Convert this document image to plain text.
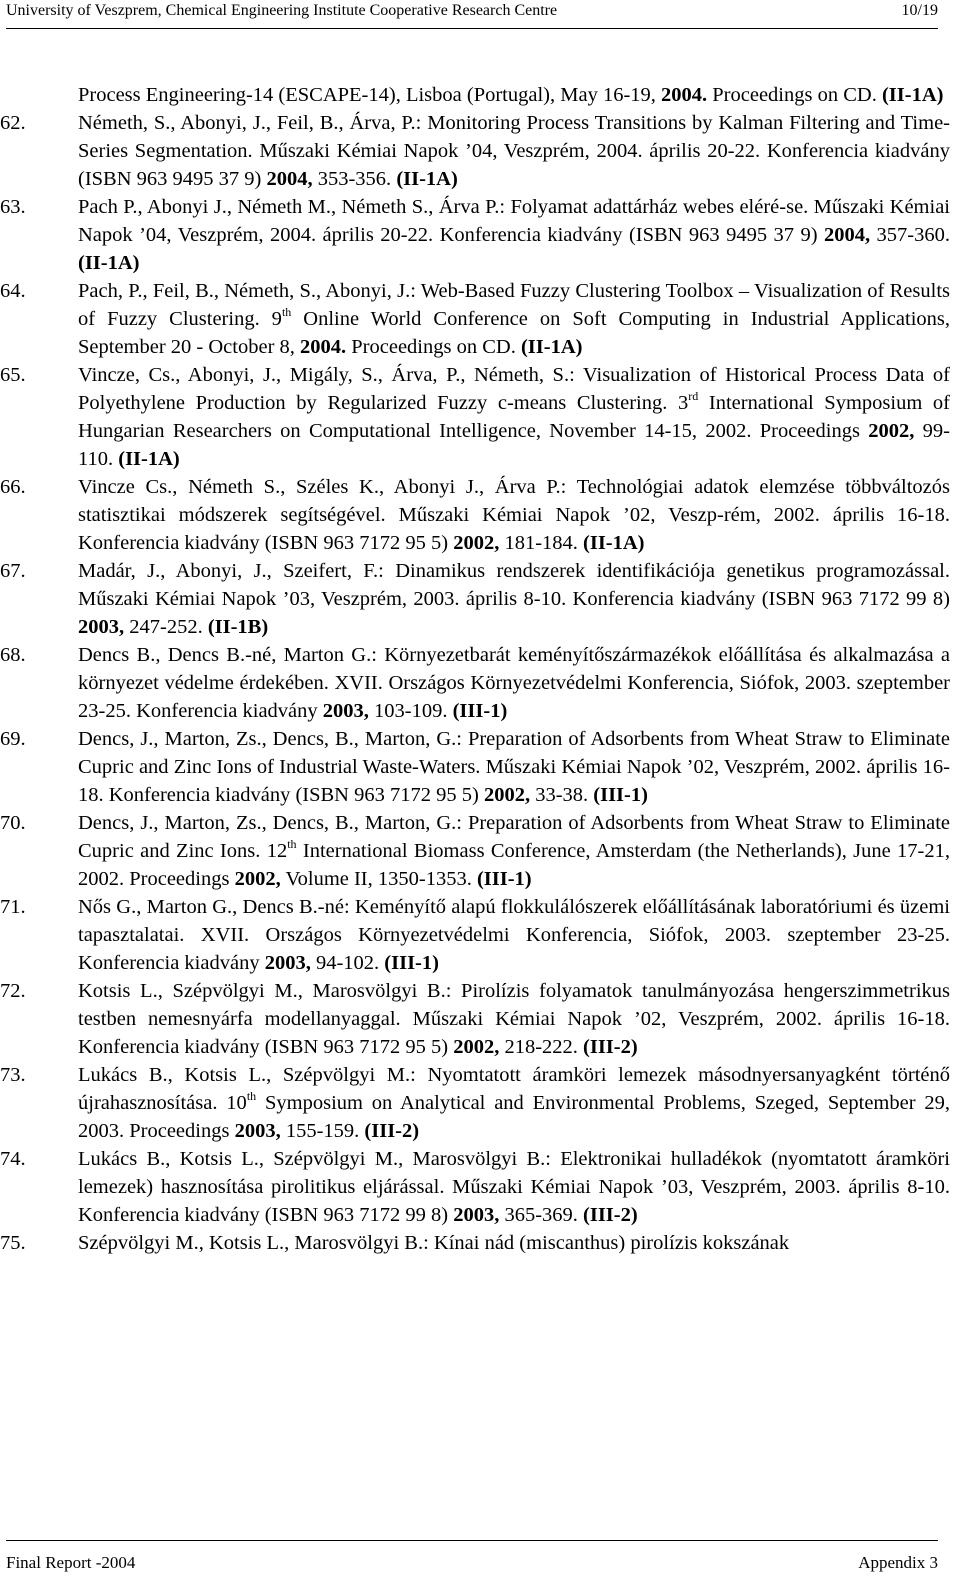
University of Veszprem, Chemical Engineering Institute Cooperative Research Centre	10/19

Process Engineering-14 (ESCAPE-14), Lisboa (Portugal), May 16-19, 2004. Proceedings on CD. (II-1A)

62.	Németh, S., Abonyi, J., Feil, B., Árva, P.: Monitoring Process Transitions by Kalman Filtering and Time-Series Segmentation. Műszaki Kémiai Napok ’04, Veszprém, 2004. április 20-22. Konferencia kiadvány (ISBN 963 9495 37 9) 2004, 353-356. (II-1A)

63.	Pach P., Abonyi J., Németh M., Németh S., Árva P.: Folyamat adattárház webes eléré-se. Műszaki Kémiai Napok ’04, Veszprém, 2004. április 20-22. Konferencia kiadvány (ISBN 963 9495 37 9) 2004, 357-360. (II-1A)

64.	Pach, P., Feil, B., Németh, S., Abonyi, J.: Web-Based Fuzzy Clustering Toolbox – Visualization of Results of Fuzzy Clustering. 9th Online World Conference on Soft Computing in Industrial Applications, September 20 - October 8, 2004. Proceedings on CD. (II-1A)

65.	Vincze, Cs., Abonyi, J., Migály, S., Árva, P., Németh, S.: Visualization of Historical Process Data of Polyethylene Production by Regularized Fuzzy c-means Clustering. 3rd International Symposium of Hungarian Researchers on Computational Intelligence, November 14-15, 2002. Proceedings 2002, 99-110. (II-1A)

66.	Vincze Cs., Németh S., Széles K., Abonyi J., Árva P.: Technológiai adatok elemzése többváltozós statisztikai módszerek segítségével. Műszaki Kémiai Napok ’02, Veszp-rém, 2002. április 16-18. Konferencia kiadvány (ISBN 963 7172 95 5) 2002, 181-184. (II-1A)

67.	Madár, J., Abonyi, J., Szeifert, F.: Dinamikus rendszerek identifikációja genetikus programozással. Műszaki Kémiai Napok ’03, Veszprém, 2003. április 8-10. Konferencia kiadvány (ISBN 963 7172 99 8) 2003, 247-252. (II-1B)

68.	Dencs B., Dencs B.-né, Marton G.: Környezetbarát keményítőszármazékok előállítása és alkalmazása a környezet védelme érdekében. XVII. Országos Környezetvédelmi Konferencia, Siófok, 2003. szeptember 23-25. Konferencia kiadvány 2003, 103-109. (III-1)

69.	Dencs, J., Marton, Zs., Dencs, B., Marton, G.: Preparation of Adsorbents from Wheat Straw to Eliminate Cupric and Zinc Ions of Industrial Waste-Waters. Műszaki Kémiai Napok ’02, Veszprém, 2002. április 16-18. Konferencia kiadvány (ISBN 963 7172 95 5) 2002, 33-38. (III-1)

70.	Dencs, J., Marton, Zs., Dencs, B., Marton, G.: Preparation of Adsorbents from Wheat Straw to Eliminate Cupric and Zinc Ions. 12th International Biomass Conference, Amsterdam (the Netherlands), June 17-21, 2002. Proceedings 2002, Volume II, 1350-1353. (III-1)

71.	Nős G., Marton G., Dencs B.-né: Keményítő alapú flokkulálószerek előállításának laboratóriumi és üzemi tapasztalatai. XVII. Országos Környezetvédelmi Konferencia, Siófok, 2003. szeptember 23-25. Konferencia kiadvány 2003, 94-102. (III-1)

72.	Kotsis L., Szépvölgyi M., Marosvölgyi B.: Pirolízis folyamatok tanulmányozása hengerszimmetrikus testben nemesnyárfa modellanyaggal. Műszaki Kémiai Napok ’02, Veszprém, 2002. április 16-18. Konferencia kiadvány (ISBN 963 7172 95 5) 2002, 218-222. (III-2)

73.	Lukács B., Kotsis L., Szépvölgyi M.: Nyomtatott áramköri lemezek másodnyersanyagként történő újrahasznosítása. 10th Symposium on Analytical and Environmental Problems, Szeged, September 29, 2003. Proceedings 2003, 155-159. (III-2)

74.	Lukács B., Kotsis L., Szépvölgyi M., Marosvölgyi B.: Elektronikai hulladékok (nyomtatott áramköri lemezek) hasznosítása pirolitikus eljárással. Műszaki Kémiai Napok ’03, Veszprém, 2003. április 8-10. Konferencia kiadvány (ISBN 963 7172 99 8) 2003, 365-369. (III-2)

75.	Szépvölgyi M., Kotsis L., Marosvölgyi B.: Kínai nád (miscanthus) pirolízis kokszának

Final Report -2004	Appendix 3
